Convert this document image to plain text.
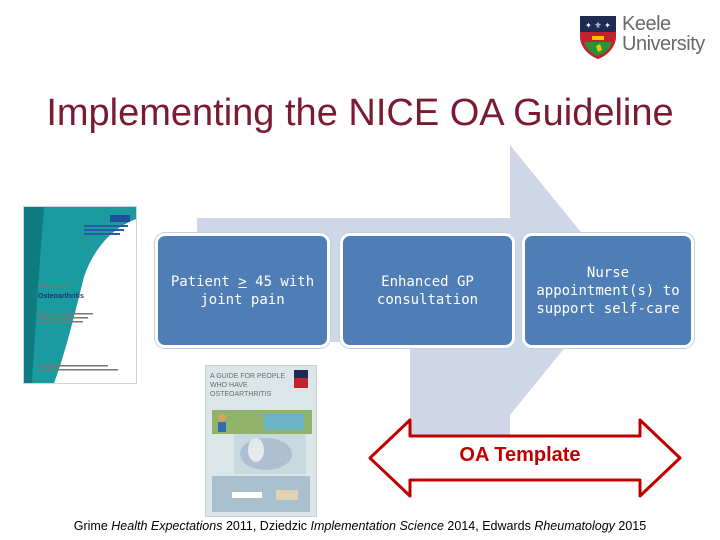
✦ ⚜ ✦ Keele
University
Implementing the NICE OA Guideline
Osteoarthritis
A GUIDE FOR PEOPLE WHO HAVE OSTEOARTHRITIS
Patient > 45 with joint pain
Enhanced GP consultation
Nurse appointment(s) to support self-care
OA Template
Grime Health Expectations 2011, Dziedzic Implementation Science 2014, Edwards Rheumatology 2015
